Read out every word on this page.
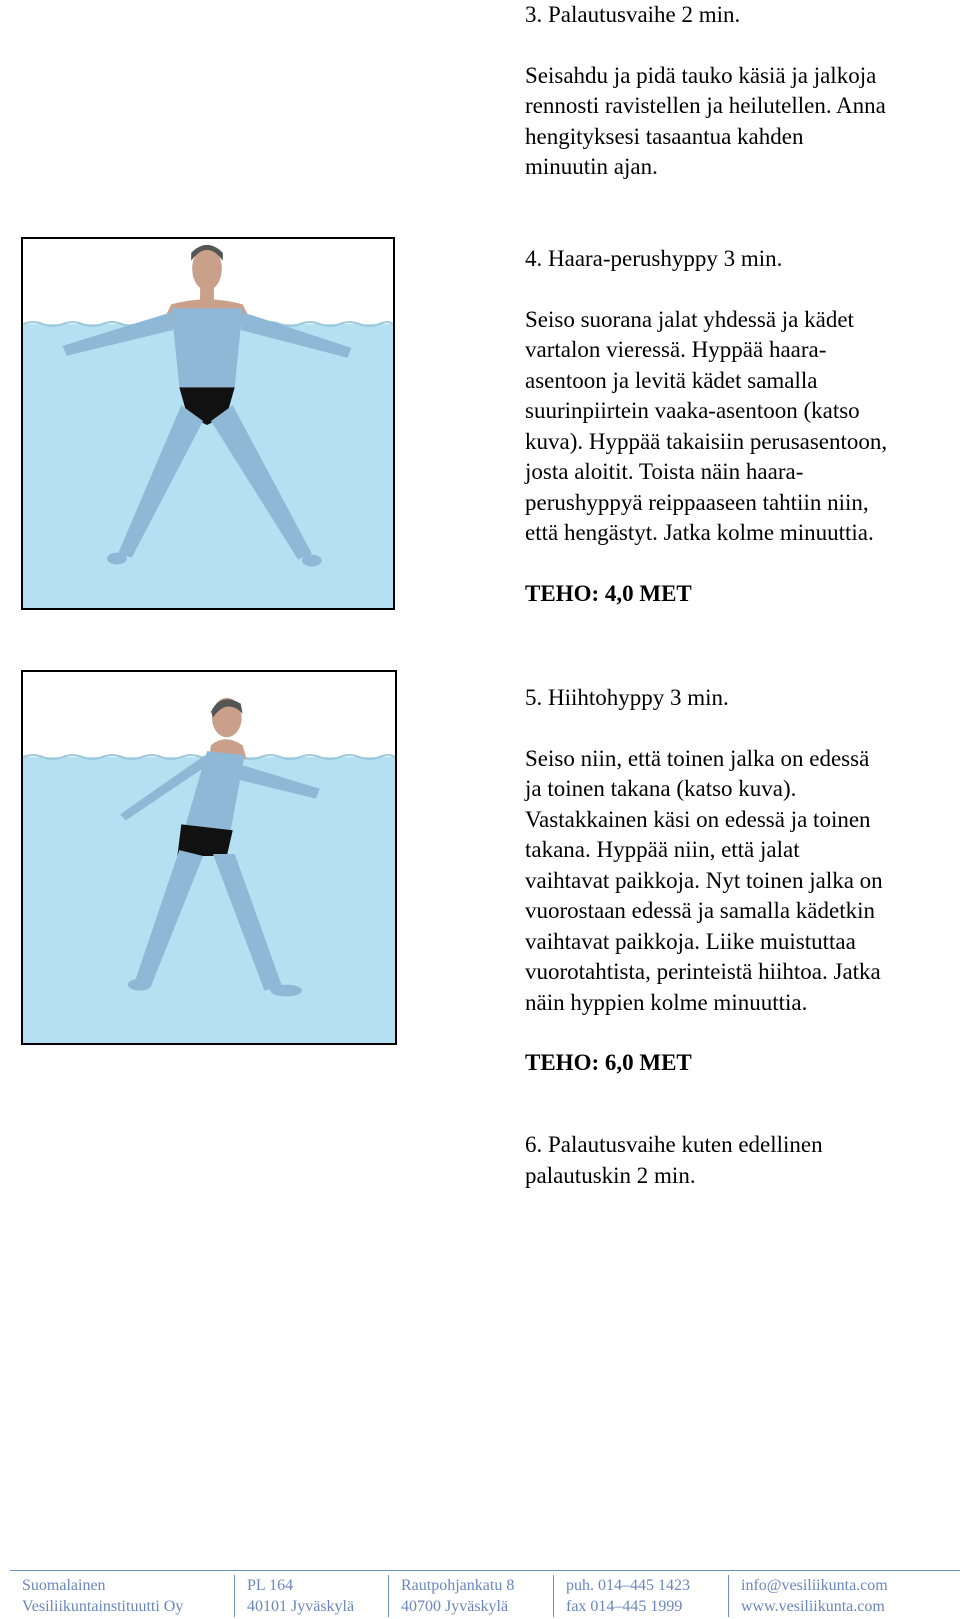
3. Palautusvaihe 2 min.

Seisahdu ja pidä tauko käsiä ja jalkoja

rennosti ravistellen ja heilutellen. Anna

hengityksesi tasaantua kahden

minuutin ajan.

4. Haara-perushyppy 3 min.

Seiso suorana jalat yhdessä ja kädet

vartalon vieressä. Hyppää haara-

asentoon ja levitä kädet samalla

suurinpiirtein vaaka-asentoon (katso

kuva). Hyppää takaisiin perusasentoon,

josta aloitit. Toista näin haara-

perushyppyä reippaaseen tahtiin niin,

että hengästyt. Jatka kolme minuuttia.

TEHO: 4,0 MET

5. Hiihtohyppy 3 min.

Seiso niin, että toinen jalka on edessä

ja toinen takana (katso kuva).

Vastakkainen käsi on edessä ja toinen

takana. Hyppää niin, että jalat

vaihtavat paikkoja. Nyt toinen jalka on

vuorostaan edessä ja samalla kädetkin

vaihtavat paikkoja. Liike muistuttaa

vuorotahtista, perinteistä hiihtoa. Jatka

näin hyppien kolme minuuttia.

TEHO: 6,0 MET

6. Palautusvaihe kuten edellinen

palautuskin 2 min.

Suomalainen
Vesiliikuntainstituutti Oy
PL 164
40101 Jyväskylä
Rautpohjankatu 8
40700 Jyväskylä
puh. 014–445 1423
fax 014–445 1999
info@vesiliikunta.com
www.vesiliikunta.com
